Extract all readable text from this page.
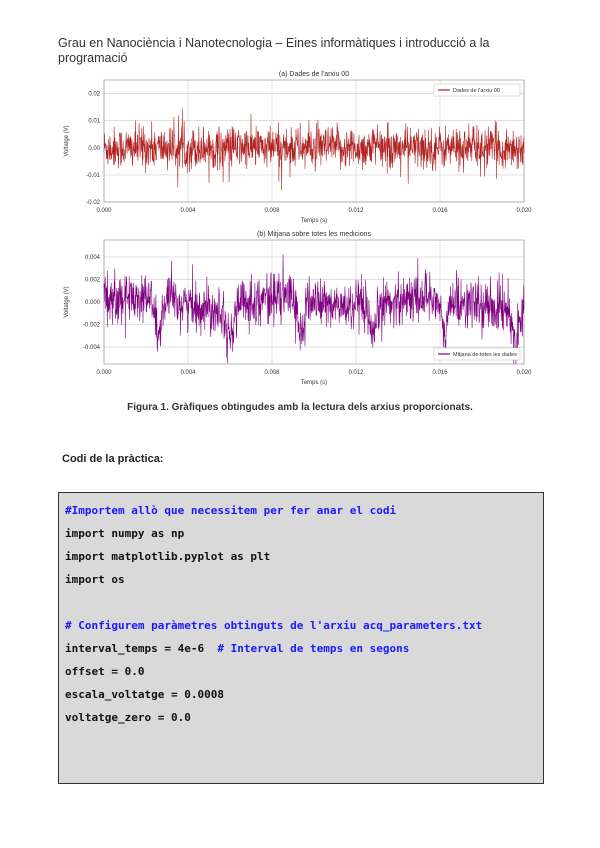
Grau en Nanociència i Nanotecnologia – Eines informàtiques i introducció a la
programació
(a) Dades de l'arxiu 00
0.000	0.004	0.008	0.012	0.016	0.020
0.02
0.01
0.00
-0.01
-0.02
Temps (s)
Voltatge (V)
Dades de l'arxiu 00
(b) Mitjana sobre totes les medicions
0.000	0.004	0.008	0.012	0.016	0.020
0.004
0.002
0.000
-0.002
-0.004
Temps (s)
Voltatge (V)
Mitjana de totes les dades
Figura 1. Gràfiques obtingudes amb la lectura dels arxius proporcionats.
Codi de la pràctica:
#Importem allò que necessitem per fer anar el codi
import numpy as np
import matplotlib.pyplot as plt
import os
# Configurem paràmetres obtinguts de l'arxiu acq_parameters.txt
interval_temps = 4e-6  # Interval de temps en segons
offset = 0.0
escala_voltatge = 0.0008
voltatge_zero = 0.0
